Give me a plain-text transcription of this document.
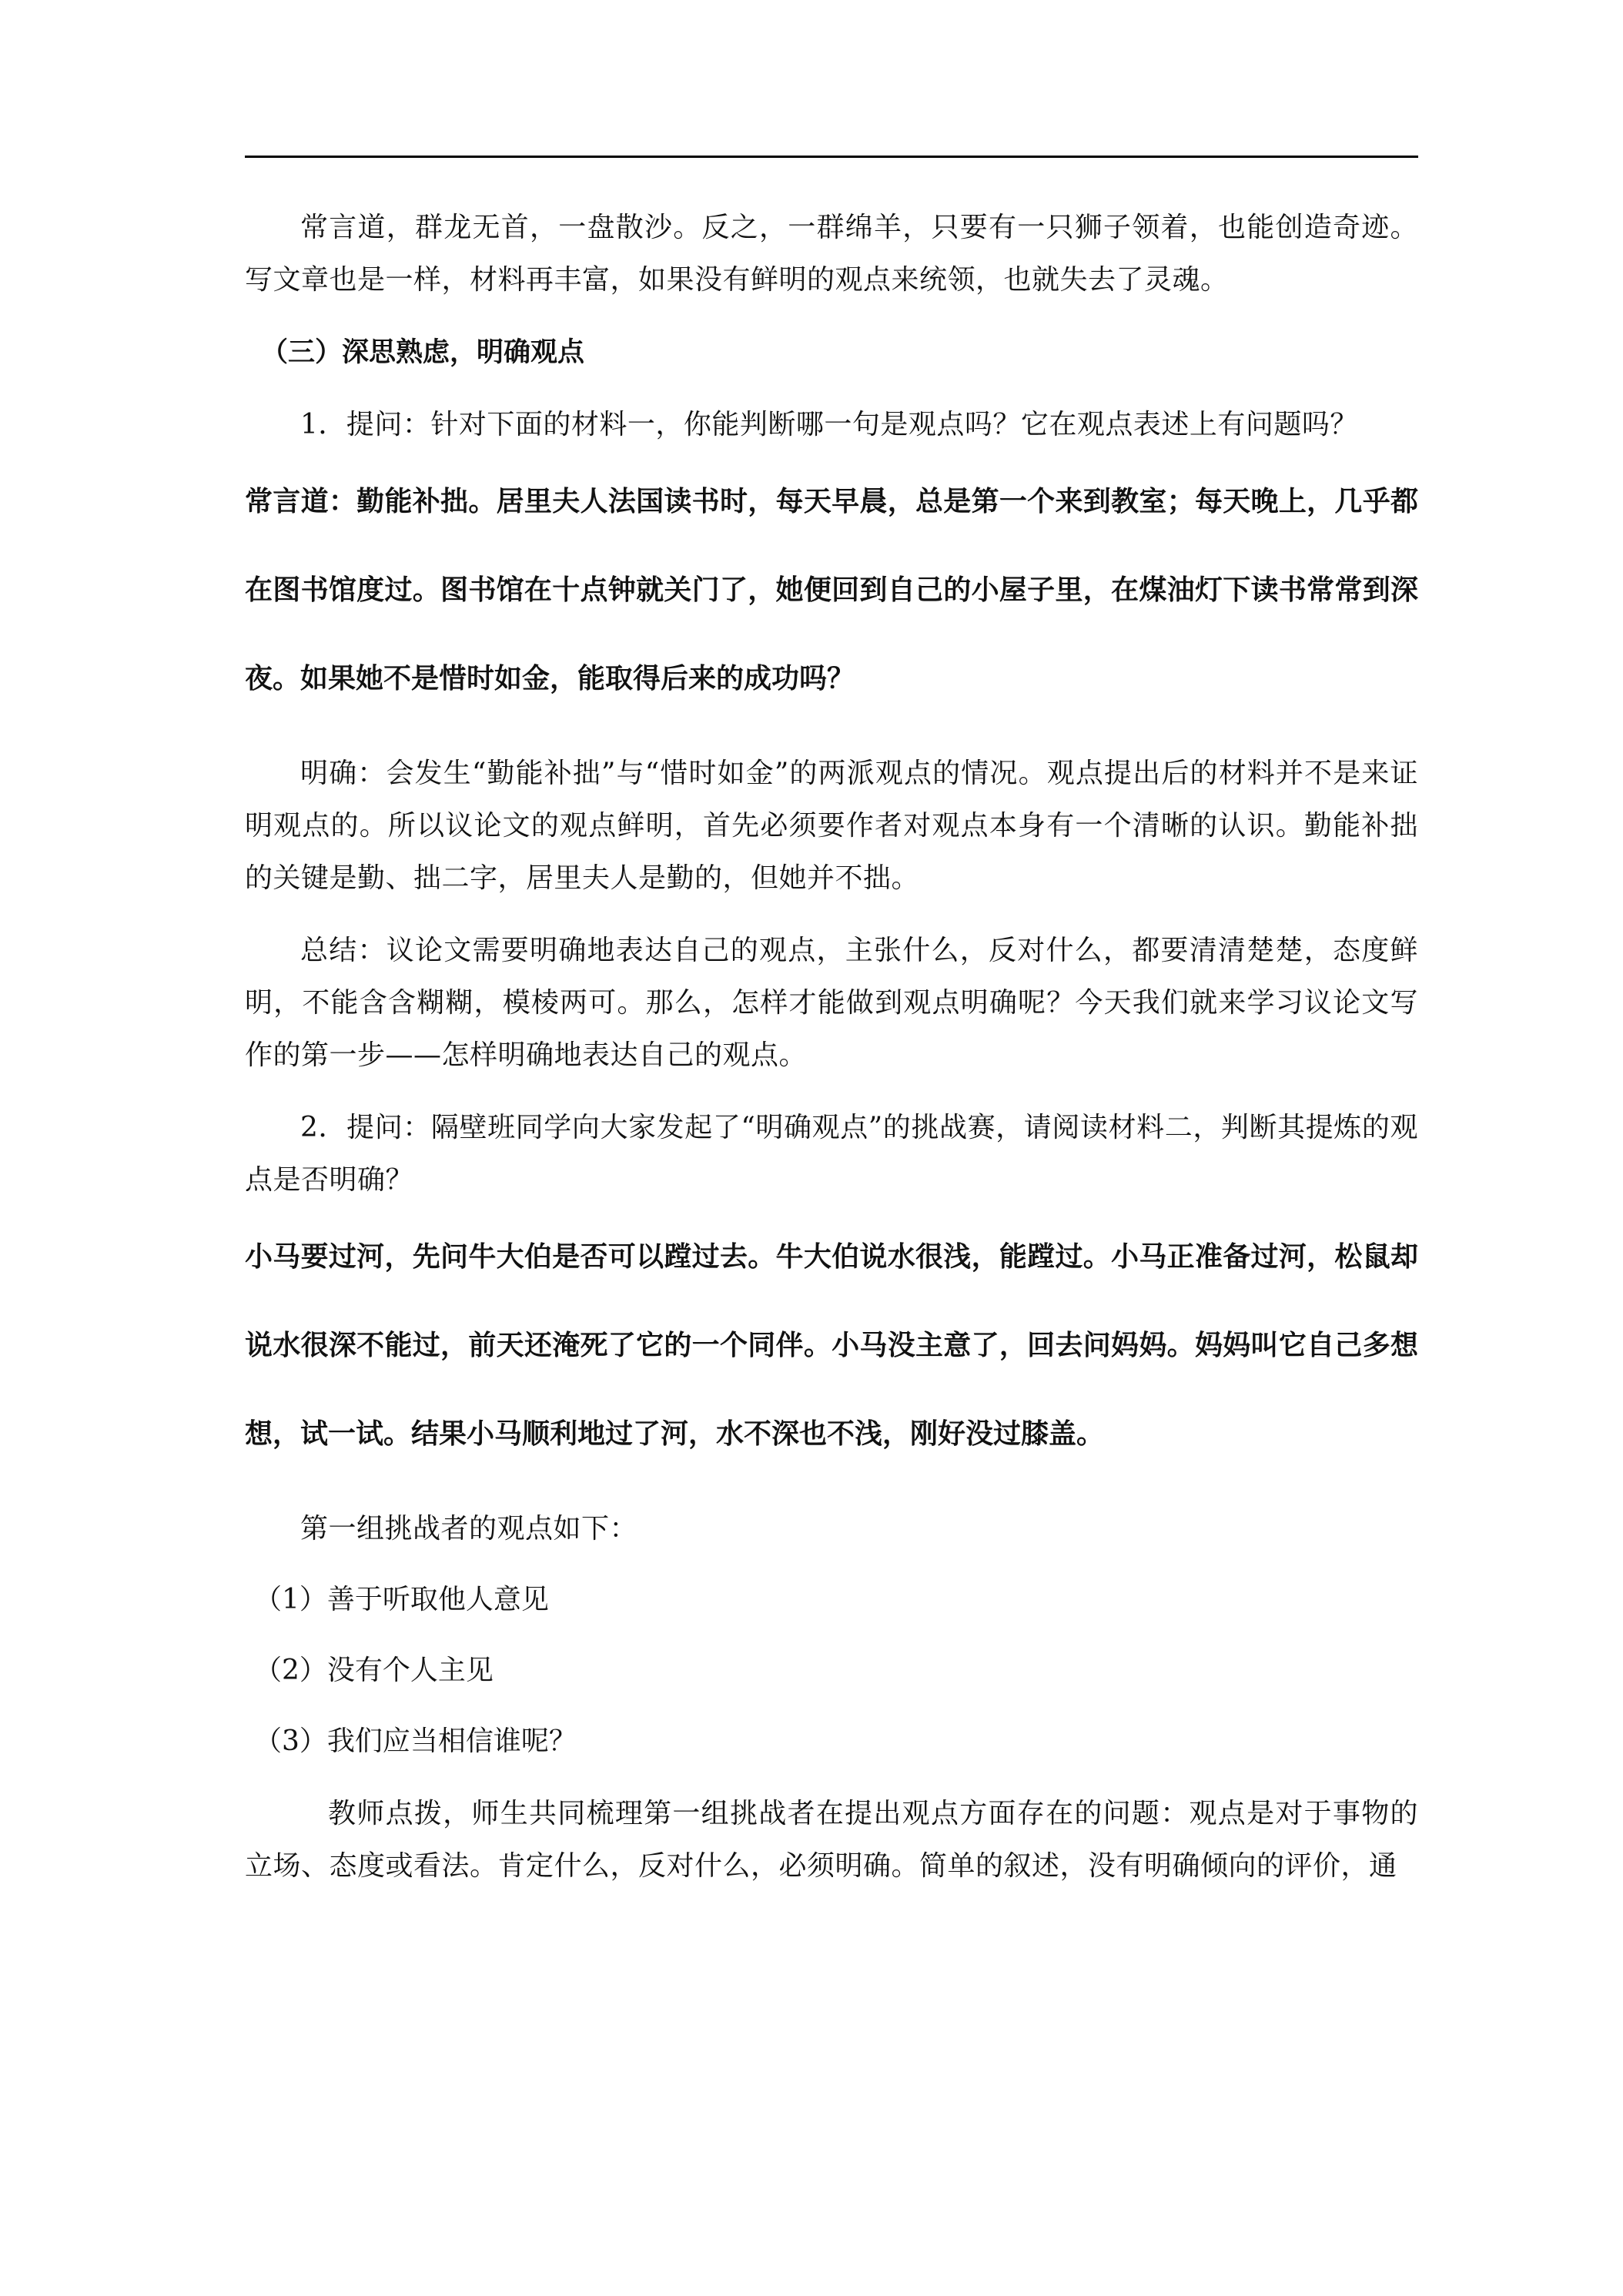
常言道，群龙无首，一盘散沙。反之，一群绵羊，只要有一只狮子领着，也能创造奇迹。写文章也是一样，材料再丰富，如果没有鲜明的观点来统领，也就失去了灵魂。

（三）深思熟虑，明确观点

1．提问：针对下面的材料一，你能判断哪一句是观点吗？它在观点表述上有问题吗？

常言道：勤能补拙。居里夫人法国读书时，每天早晨，总是第一个来到教室；每天晚上，几乎都在图书馆度过。图书馆在十点钟就关门了，她便回到自己的小屋子里，在煤油灯下读书常常到深夜。如果她不是惜时如金，能取得后来的成功吗？

明确：会发生“勤能补拙”与“惜时如金”的两派观点的情况。观点提出后的材料并不是来证明观点的。所以议论文的观点鲜明，首先必须要作者对观点本身有一个清晰的认识。勤能补拙的关键是勤、拙二字，居里夫人是勤的，但她并不拙。

总结：议论文需要明确地表达自己的观点，主张什么，反对什么，都要清清楚楚，态度鲜明，不能含含糊糊，模棱两可。那么，怎样才能做到观点明确呢？今天我们就来学习议论文写作的第一步——怎样明确地表达自己的观点。

2．提问：隔壁班同学向大家发起了“明确观点”的挑战赛，请阅读材料二，判断其提炼的观点是否明确？

小马要过河，先问牛大伯是否可以蹚过去。牛大伯说水很浅，能蹚过。小马正准备过河，松鼠却说水很深不能过，前天还淹死了它的一个同伴。小马没主意了，回去问妈妈。妈妈叫它自己多想想，试一试。结果小马顺利地过了河，水不深也不浅，刚好没过膝盖。

第一组挑战者的观点如下：

（1）善于听取他人意见

（2）没有个人主见

（3）我们应当相信谁呢？

教师点拨，师生共同梳理第一组挑战者在提出观点方面存在的问题：观点是对于事物的立场、态度或看法。肯定什么，反对什么，必须明确。简单的叙述，没有明确倾向的评价，通
